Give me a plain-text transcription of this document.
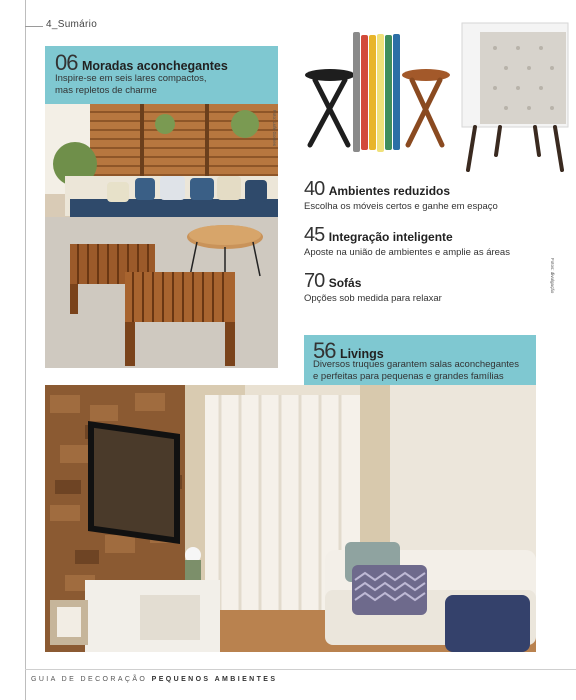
4_Sumário
06 Moradas aconchegantes
Inspire-se em seis lares compactos,
mas repletos de charme
Foto: Lufe Gomes
40 Ambientes reduzidos
Escolha os móveis certos e ganhe em espaço
45 Integração inteligente
Aposte na união de ambientes e amplie as áreas
70 Sofás
Opções sob medida para relaxar
Fotos: divulgação
56 Livings
Diversos truques garantem salas aconchegantes
e perfeitas para pequenas e grandes famílias
GUIA DE DECORAÇÃO PEQUENOS AMBIENTES
